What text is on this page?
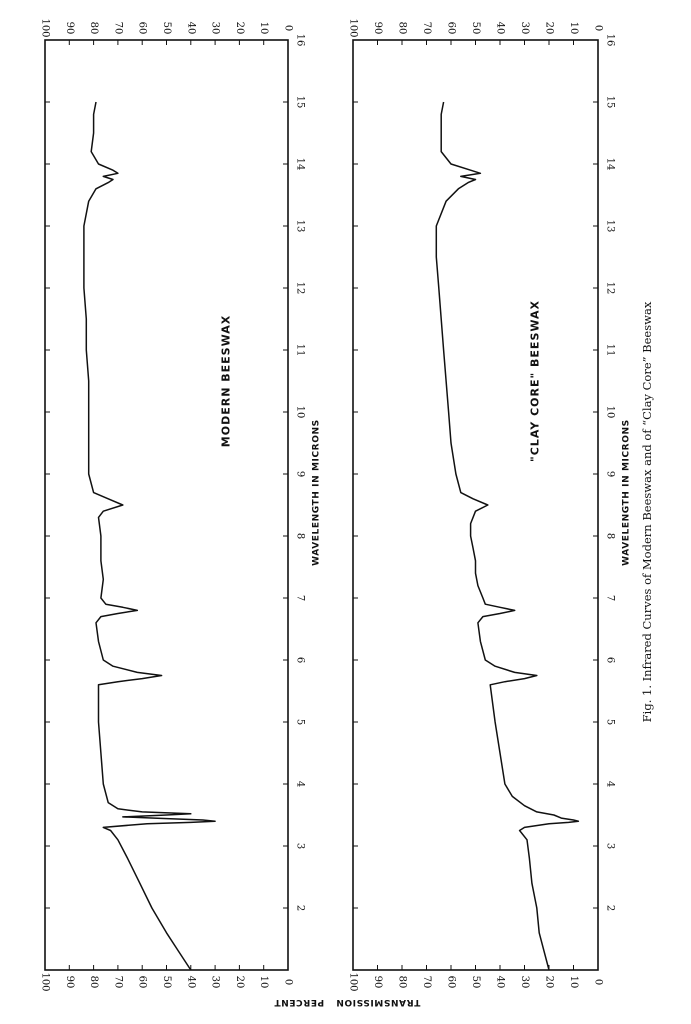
2
3
4
5
6
7
8
9
10
11
12
13
14
15
16
0
0
10
10
20
20
30
30
40
40
50
50
60
60
70
70
80
80
90
90
100
100
WAVELENGTH IN MICRONS
MODERN BEESWAX
2
3
4
5
6
7
8
9
10
11
12
13
14
15
16
0
0
10
10
20
20
30
30
40
40
50
50
60
60
70
70
80
80
90
90
100
100
WAVELENGTH IN MICRONS
"CLAY CORE" BEESWAX
TRANSMISSION
PERCENT
Fig. 1. Infrared Curves of Modern Beeswax and of “Clay Core” Beeswax
